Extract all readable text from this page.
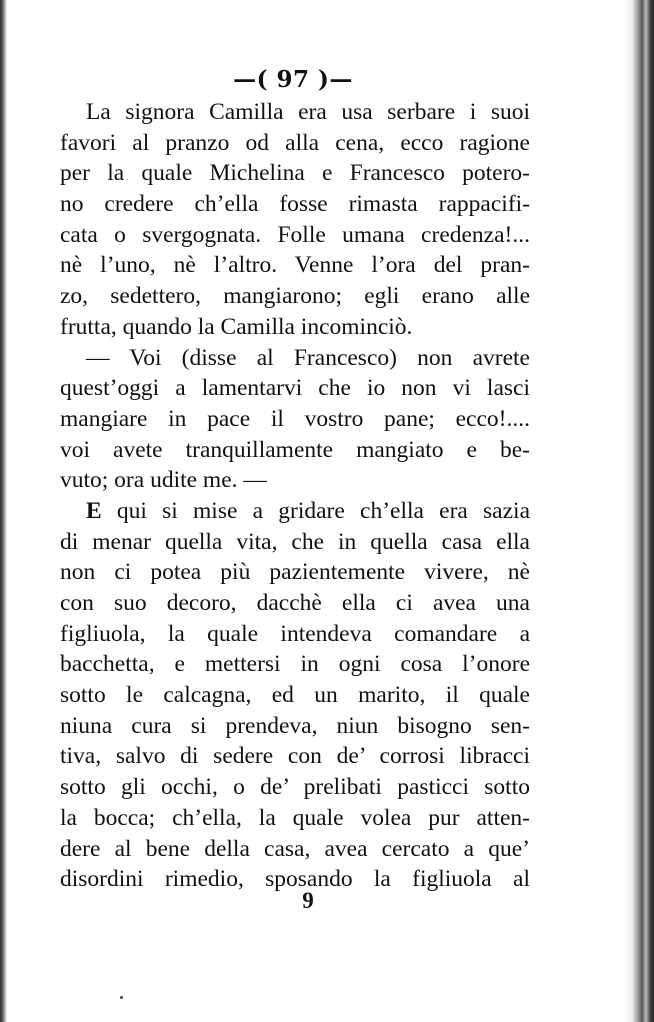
—( 97 )—
La signora Camilla era usa serbare i suoi
favori al pranzo od alla cena, ecco ragione
per la quale Michelina e Francesco potero-
no credere ch’ella fosse rimasta rappacifi-
cata o svergognata. Folle umana credenza!...
nè l’uno, nè l’altro. Venne l’ora del pran-
zo, sedettero, mangiarono; egli erano alle
frutta, quando la Camilla incominciò.
— Voi (disse al Francesco) non avrete
quest’oggi a lamentarvi che io non vi lasci
mangiare in pace il vostro pane; ecco!....
voi avete tranquillamente mangiato e be-
vuto; ora udite me. —
E qui si mise a gridare ch’ella era sazia
di menar quella vita, che in quella casa ella
non ci potea più pazientemente vivere, nè
con suo decoro, dacchè ella ci avea una
figliuola, la quale intendeva comandare a
bacchetta, e mettersi in ogni cosa l’onore
sotto le calcagna, ed un marito, il quale
niuna cura si prendeva, niun bisogno sen-
tiva, salvo di sedere con de’ corrosi libracci
sotto gli occhi, o de’ prelibati pasticci sotto
la bocca; ch’ella, la quale volea pur atten-
dere al bene della casa, avea cercato a que’
disordini rimedio, sposando la figliuola al
9
